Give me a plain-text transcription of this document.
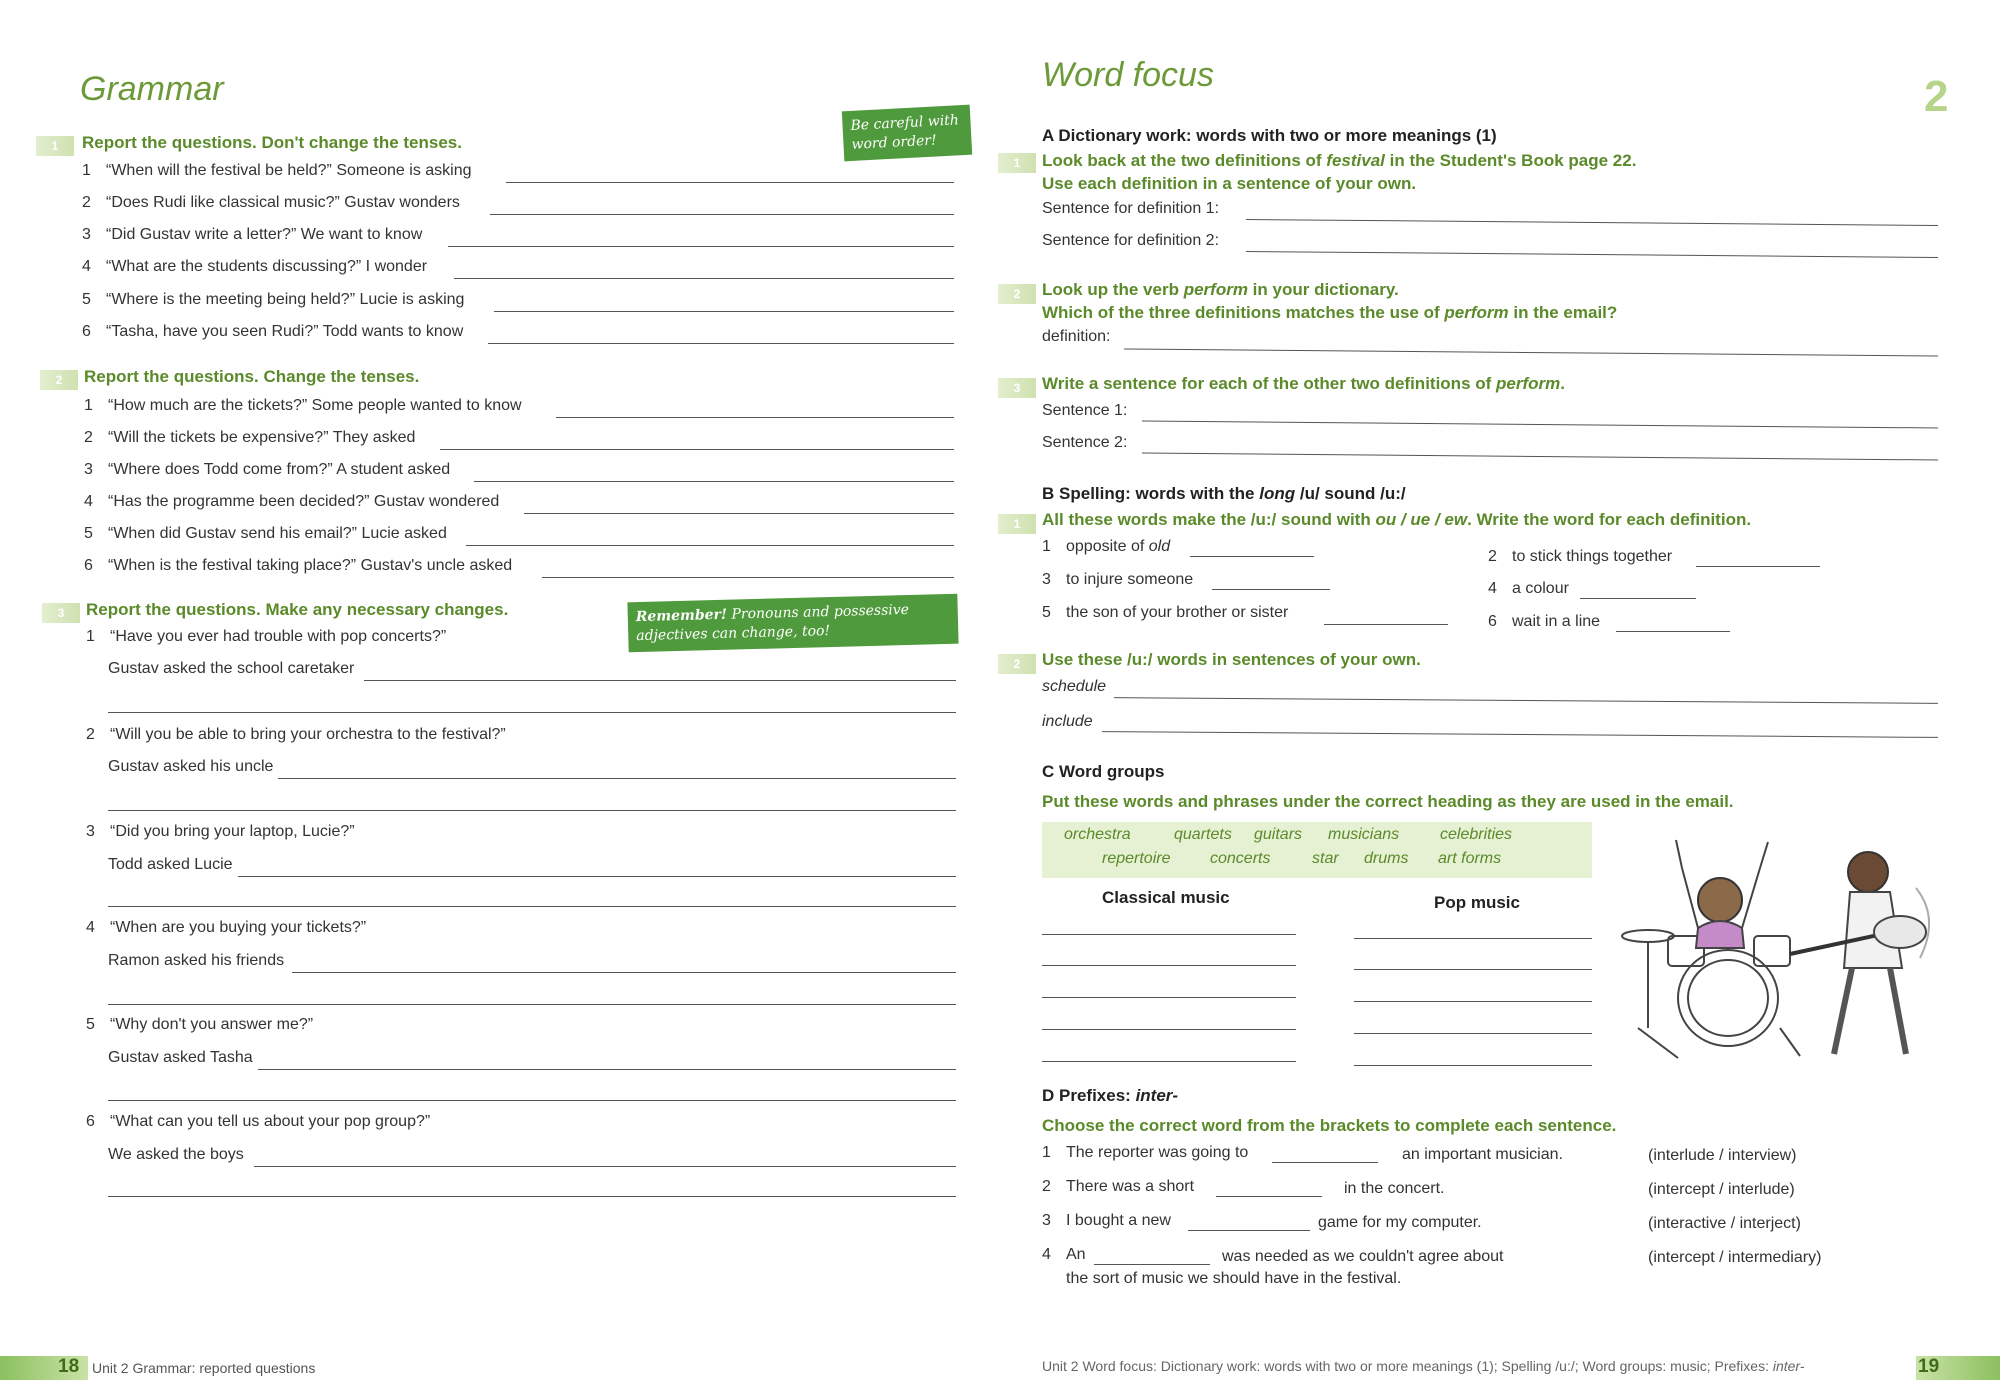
Grammar
1	Report the questions. Don't change the tenses.
Be careful with word order!
1 “When will the festival be held?” Someone is asking
2 “Does Rudi like classical music?” Gustav wonders
3 “Did Gustav write a letter?” We want to know
4 “What are the students discussing?” I wonder
5 “Where is the meeting being held?” Lucie is asking
6 “Tasha, have you seen Rudi?” Todd wants to know
2	Report the questions. Change the tenses.
1 “How much are the tickets?” Some people wanted to know
2 “Will the tickets be expensive?” They asked
3 “Where does Todd come from?” A student asked
4 “Has the programme been decided?” Gustav wondered
5 “When did Gustav send his email?” Lucie asked
6 “When is the festival taking place?” Gustav's uncle asked
3	Report the questions. Make any necessary changes.	Remember! Pronouns and possessive adjectives can change, too!
1 “Have you ever had trouble with pop concerts?”
Gustav asked the school caretaker
2 “Will you be able to bring your orchestra to the festival?”
Gustav asked his uncle
3 “Did you bring your laptop, Lucie?”
Todd asked Lucie
4 “When are you buying your tickets?”
Ramon asked his friends
5 “Why don't you answer me?”
Gustav asked Tasha
6 “What can you tell us about your pop group?”
We asked the boys
18 Unit 2 Grammar: reported questions
Word focus	2
A Dictionary work: words with two or more meanings (1)
1	Look back at the two definitions of festival in the Student's Book page 22.
Use each definition in a sentence of your own.
Sentence for definition 1:
Sentence for definition 2:
2	Look up the verb perform in your dictionary.
Which of the three definitions matches the use of perform in the email?
definition:
3	Write a sentence for each of the other two definitions of perform.
Sentence 1:
Sentence 2:
B Spelling: words with the long /u/ sound /u:/
1	All these words make the /u:/ sound with ou / ue / ew. Write the word for each definition.
1 opposite of old
3 to injure someone
5 the son of your brother or sister
2 to stick things together
4 a colour
6 wait in a line
2	Use these /u:/ words in sentences of your own.
schedule
include
C Word groups
Put these words and phrases under the correct heading as they are used in the email.
orchestra	quartets guitars musicians	celebrities
repertoire concerts	star drums art forms
Classical music	Pop music
D Prefixes: inter-
Choose the correct word from the brackets to complete each sentence.
1 The reporter was going to	an important musician.	(interlude / interview)
2 There was a short	in the concert.	(intercept / interlude)
3 I bought a new	game for my computer.	(interactive / interject)
4 An	was needed as we couldn't agree about
the sort of music we should have in the festival.
(intercept / intermediary)
Unit 2 Word focus: Dictionary work: words with two or more meanings (1); Spelling /u:/; Word groups: music; Prefixes: inter-	19
